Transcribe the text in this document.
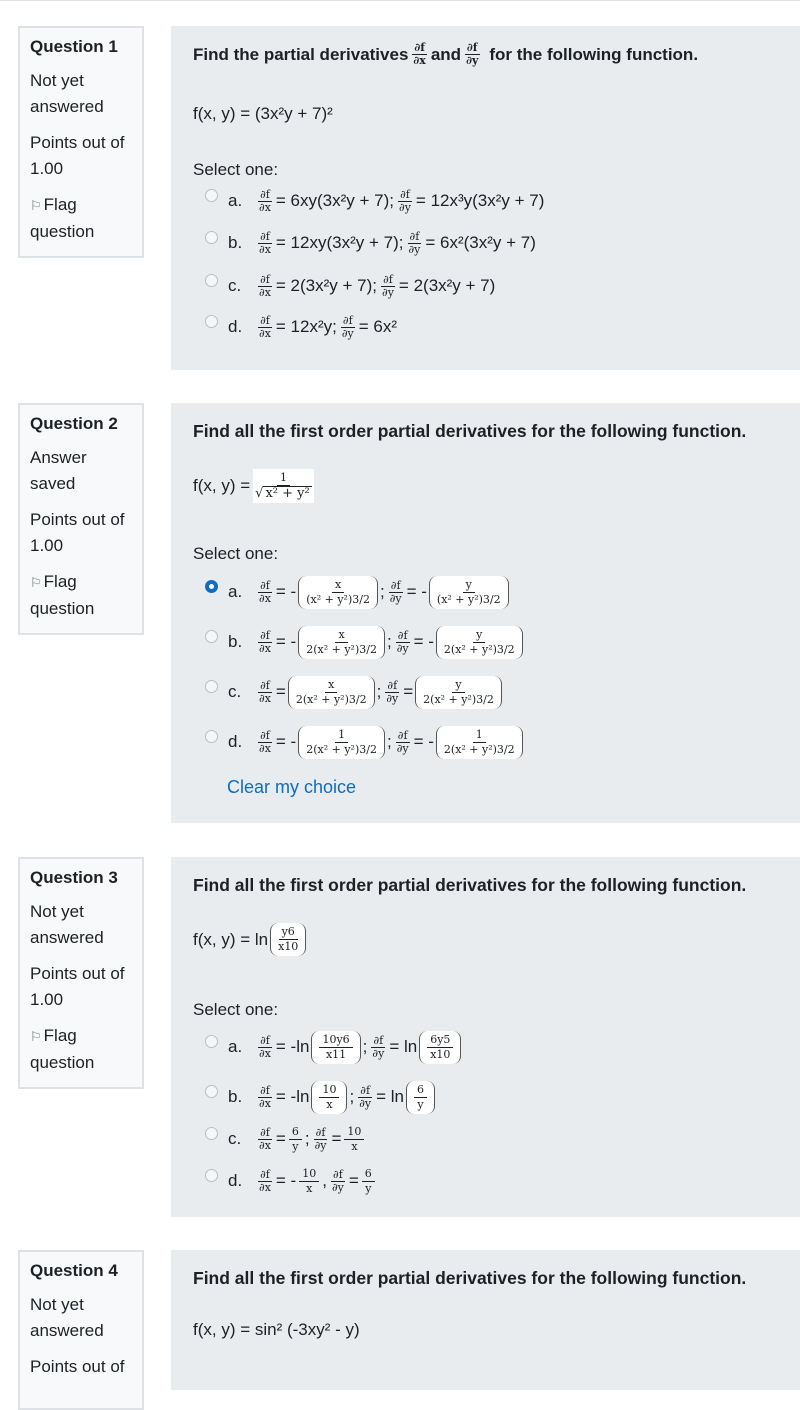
Question 1
Not yet answered
Points out of 1.00
⚐ Flag question
Find the partial derivatives $\frac{\partial f}{\partial x}$ and $\frac{\partial f}{\partial y}$ for the following function.
f(x, y) = (3x²y + 7)²
Select one:
a.	$\frac{\partial f}{\partial x} = 6xy(3x^2y + 7)$; $\frac{\partial f}{\partial y} = 12x^3y(3x^2y + 7)$
b.	$\frac{\partial f}{\partial x} = 12xy(3x^2y + 7)$; $\frac{\partial f}{\partial y} = 6x^2(3x^2y + 7)$
c.	$\frac{\partial f}{\partial x} = 2(3x^2y + 7)$; $\frac{\partial f}{\partial y} = 2(3x^2y + 7)$
d.	$\frac{\partial f}{\partial x} = 12x^2y$; $\frac{\partial f}{\partial y} = 6x^2$
Question 2
Answer saved
Points out of 1.00
⚐ Flag question
Find all the first order partial derivatives for the following function.
f(x, $y) = \frac{1}{\text{√ x² + y²}}$
Select one:
a.	$\frac{\partial f}{\partial x}$ = - $\frac{x}{\text{(x² + y²)3/2}}$ ; $\frac{\partial f}{\partial y}$ = - $\frac{y}{\text{(x² + y²)3/2}}$
b.	$\frac{\partial f}{\partial x}$ = - $\frac{x}{\text{2(x² + y²)3/2}}$ ; $\frac{\partial f}{\partial y}$ = - $\frac{y}{\text{2(x² + y²)3/2}}$
c.	$\frac{\partial f}{\partial x} = \frac{x}{\text{2(x² + y²)3/2}}$ ; $\frac{\partial f}{\partial y} = \frac{y}{\text{2(x² + y²)3/2}}$
d.	$\frac{\partial f}{\partial x}$ = - $\frac{1}{\text{2(x² + y²)3/2}}$ ; $\frac{\partial f}{\partial y}$ = - $\frac{1}{\text{2(x² + y²)3/2}}$
Clear my choice
Question 3
Not yet answered
Points out of 1.00
⚐ Flag question
Find all the first order partial derivatives for the following function.
f(x, $y) = \ln \frac{y6}{x10}$
Select one:
a.	$\frac{\partial f}{\partial x} = -\ln \frac{10y6}{x11}$ ; $\frac{\partial f}{\partial y} = \ln \frac{6y5}{x10}$
b.	$\frac{\partial f}{\partial x} = -\ln \frac{10}{x}$ ; $\frac{\partial f}{\partial y} = \ln \frac{6}{y}$
c.	$\frac{\partial f}{\partial x} = \frac{6}{y}$ ; $\frac{\partial f}{\partial y} = \frac{10}{x}$
d.	$\frac{\partial f}{\partial x}$ = - $\frac{10}{x}$ , $\frac{\partial f}{\partial y} = \frac{6}{y}$
Question 4
Not yet answered
Points out of
Find all the first order partial derivatives for the following function.
f(x, y) = sin² (-3xy² - y)
